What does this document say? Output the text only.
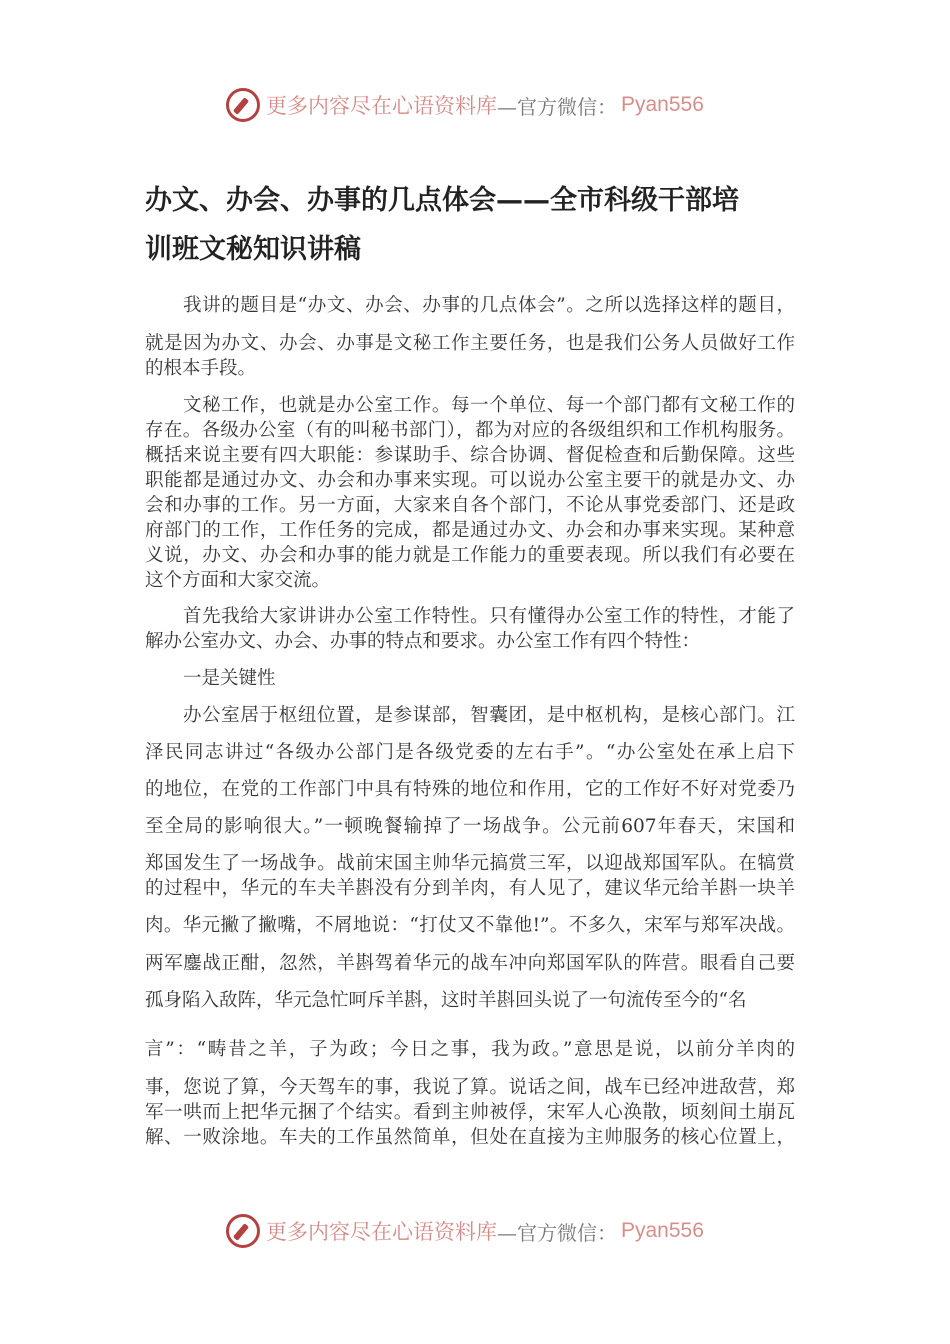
更多内容尽在心语资料库 —官方微信： Pyan556
办文、办会、办事的几点体会——全市科级干部培
训班文秘知识讲稿
我讲的题目是“办文、办会、办事的几点体会”。之所以选择这样的题目，
就是因为办文、办会、办事是文秘工作主要任务，也是我们公务人员做好工作
的根本手段。
文秘工作，也就是办公室工作。每一个单位、每一个部门都有文秘工作的
存在。各级办公室（有的叫秘书部门），都为对应的各级组织和工作机构服务。
概括来说主要有四大职能：参谋助手、综合协调、督促检查和后勤保障。这些
职能都是通过办文、办会和办事来实现。可以说办公室主要干的就是办文、办
会和办事的工作。另一方面，大家来自各个部门，不论从事党委部门、还是政
府部门的工作，工作任务的完成，都是通过办文、办会和办事来实现。某种意
义说，办文、办会和办事的能力就是工作能力的重要表现。所以我们有必要在
这个方面和大家交流。
首先我给大家讲讲办公室工作特性。只有懂得办公室工作的特性，才能了
解办公室办文、办会、办事的特点和要求。办公室工作有四个特性：
一是关键性
办公室居于枢纽位置，是参谋部，智囊团，是中枢机构，是核心部门。江
泽民同志讲过“各级办公部门是各级党委的左右手”。“办公室处在承上启下
的地位，在党的工作部门中具有特殊的地位和作用，它的工作好不好对党委乃
至全局的影响很大。”一顿晚餐输掉了一场战争。公元前607年春天，宋国和
郑国发生了一场战争。战前宋国主帅华元搞赏三军，以迎战郑国军队。在犒赏
的过程中，华元的车夫羊斟没有分到羊肉，有人见了，建议华元给羊斟一块羊
肉。华元撇了撇嘴，不屑地说：“打仗又不靠他!”。不多久，宋军与郑军决战。
两军鏖战正酣，忽然，羊斟驾着华元的战车冲向郑国军队的阵营。眼看自己要
孤身陷入敌阵，华元急忙呵斥羊斟，这时羊斟回头说了一句流传至今的“名
言”：“畴昔之羊，子为政；今日之事，我为政。”意思是说，以前分羊肉的
事，您说了算，今天驾车的事，我说了算。说话之间，战车已经冲进敌营，郑
军一哄而上把华元捆了个结实。看到主帅被俘，宋军人心涣散，顷刻间土崩瓦
解、一败涂地。车夫的工作虽然简单，但处在直接为主帅服务的核心位置上，
更多内容尽在心语资料库 —官方微信： Pyan556
